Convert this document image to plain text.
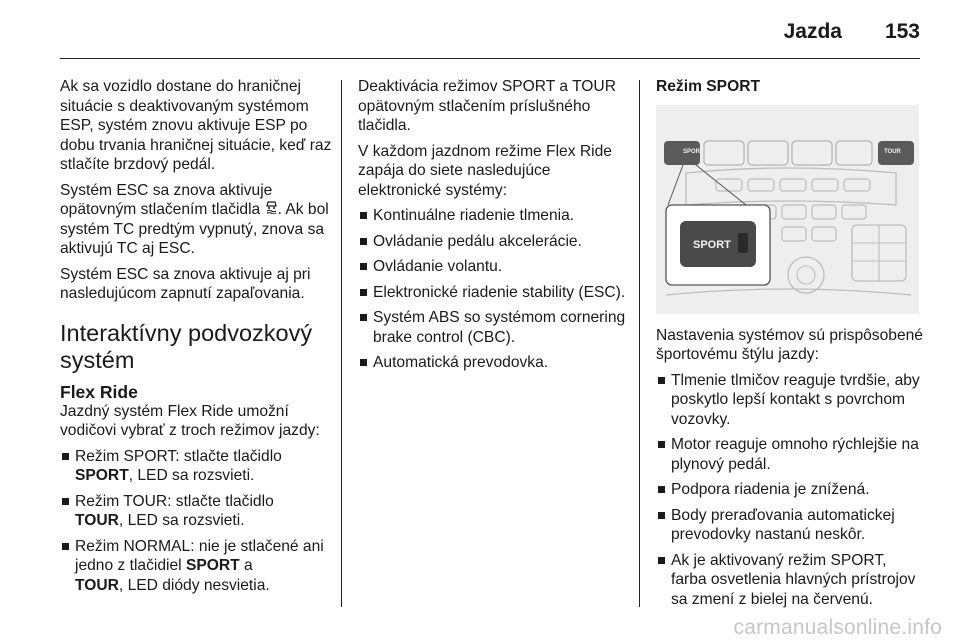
Jazda 153

Ak sa vozidlo dostane do hraničnej situácie s deaktivovaným systémom ESP, systém znovu aktivuje ESP po dobu trvania hraničnej situácie, keď raz stlačíte brzdový pedál.

Systém ESC sa znova aktivuje opätovným stlačením tlačidla . Ak bol systém TC predtým vypnutý, znova sa aktivujú TC aj ESC.

Systém ESC sa znova aktivuje aj pri nasledujúcom zapnutí zapaľovania.

Interaktívny podvozkový systém
Flex Ride

Jazdný systém Flex Ride umožní vodičovi vybrať z troch režimov jazdy:

Režim SPORT: stlačte tlačidlo
SPORT, LED sa rozsvieti.
Režim TOUR: stlačte tlačidlo
TOUR, LED sa rozsvieti.
Režim NORMAL: nie je stlačené ani jedno z tlačidiel SPORT a
TOUR, LED diódy nesvietia.

Deaktivácia režimov SPORT a TOUR opätovným stlačením príslušného tlačidla.

V každom jazdnom režime Flex Ride zapája do siete nasledujúce elektronické systémy:

Kontinuálne riadenie tlmenia.
Ovládanie pedálu akcelerácie.
Ovládanie volantu.
Elektronické riadenie stability (ESC).
Systém ABS so systémom cornering brake control (CBC).
Automatická prevodovka.
Režim SPORT
SPORT	TOUR
SPORT

Nastavenia systémov sú prispôsobené športovému štýlu jazdy:

Tlmenie tlmičov reaguje tvrdšie, aby poskytlo lepší kontakt s povrchom vozovky.
Motor reaguje omnoho rýchlejšie na plynový pedál.
Podpora riadenia je znížená.
Body preraďovania automatickej prevodovky nastanú neskôr.
Ak je aktivovaný režim SPORT, farba osvetlenia hlavných prístrojov sa zmení z bielej na červenú.
carmanualsonline.info
